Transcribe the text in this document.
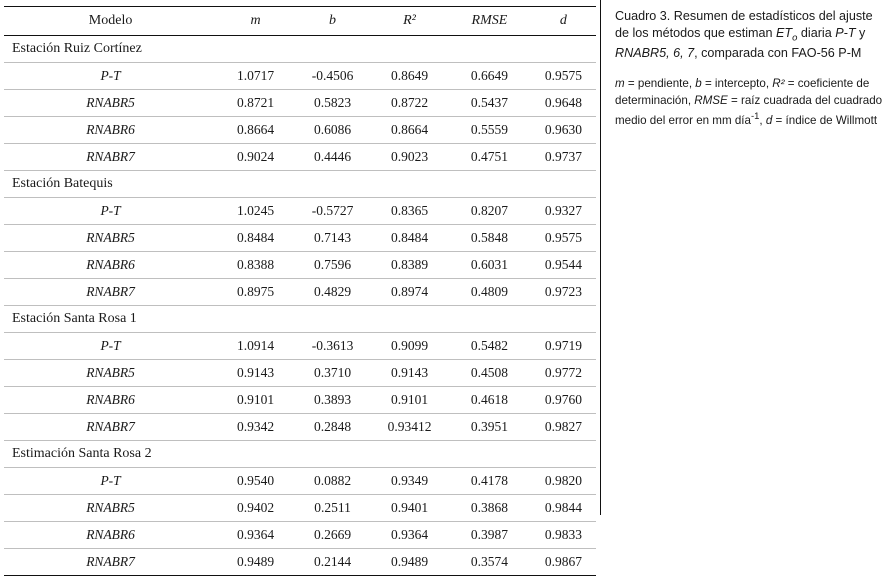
Modelo	m	b	R²	RMSE	d
Estación Ruiz Cortínez					
P-T	1.0717	-0.4506	0.8649	0.6649	0.9575
RNABR5	0.8721	0.5823	0.8722	0.5437	0.9648
RNABR6	0.8664	0.6086	0.8664	0.5559	0.9630
RNABR7	0.9024	0.4446	0.9023	0.4751	0.9737
Estación Batequis					
P-T	1.0245	-0.5727	0.8365	0.8207	0.9327
RNABR5	0.8484	0.7143	0.8484	0.5848	0.9575
RNABR6	0.8388	0.7596	0.8389	0.6031	0.9544
RNABR7	0.8975	0.4829	0.8974	0.4809	0.9723
Estación Santa Rosa 1					
P-T	1.0914	-0.3613	0.9099	0.5482	0.9719
RNABR5	0.9143	0.3710	0.9143	0.4508	0.9772
RNABR6	0.9101	0.3893	0.9101	0.4618	0.9760
RNABR7	0.9342	0.2848	0.93412	0.3951	0.9827
Estimación Santa Rosa 2					
P-T	0.9540	0.0882	0.9349	0.4178	0.9820
RNABR5	0.9402	0.2511	0.9401	0.3868	0.9844
RNABR6	0.9364	0.2669	0.9364	0.3987	0.9833
RNABR7	0.9489	0.2144	0.9489	0.3574	0.9867

Cuadro 3. Resumen de estadísticos del ajuste de los métodos que estiman $ET_o$ diaria P-T y RNABR5, 6, 7, comparada con FAO-56 P-M

m = pendiente, b = intercepto, R² = coeficiente de determinación, RMSE = raíz cuadrada del cuadrado medio del error en mm día$^{-1}$, d = índice de Willmott
